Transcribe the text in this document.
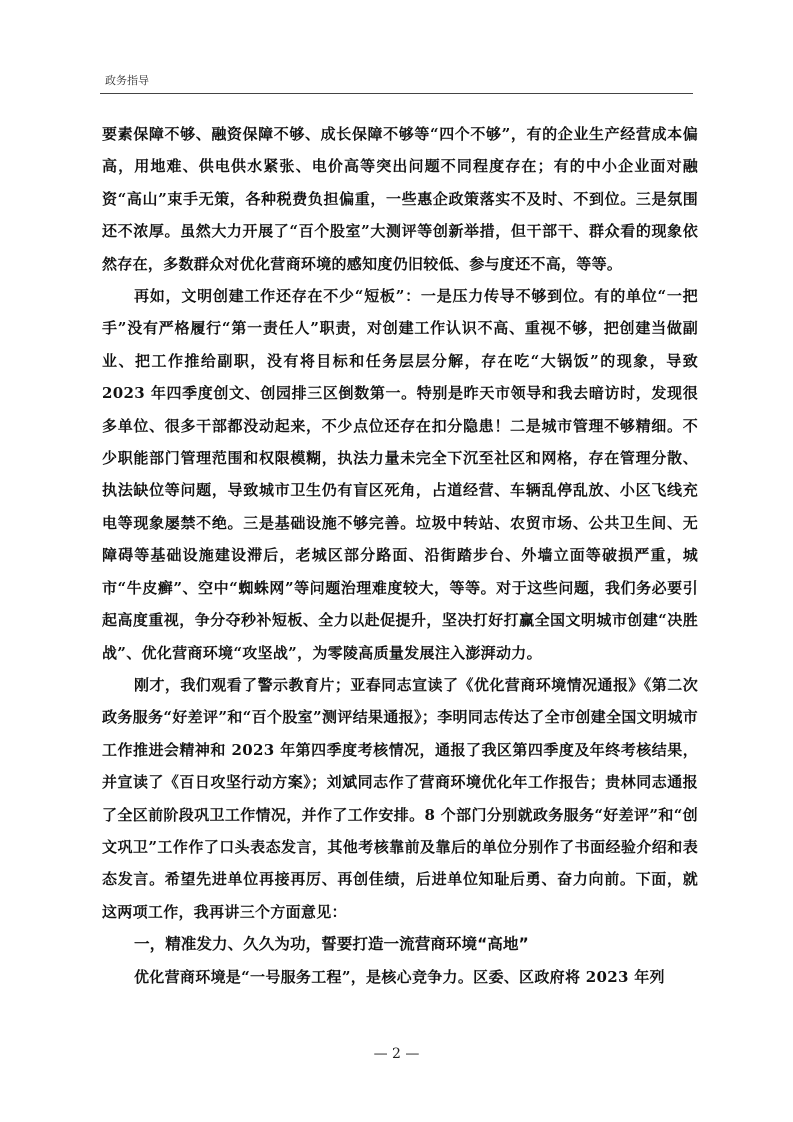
政务指导

要素保障不够、融资保障不够、成长保障不够等“四个不够”，有的企业生产经营成本偏高，用地难、供电供水紧张、电价高等突出问题不同程度存在；有的中小企业面对融资“高山”束手无策，各种税费负担偏重，一些惠企政策落实不及时、不到位。三是氛围还不浓厚。虽然大力开展了“百个股室”大测评等创新举措，但干部干、群众看的现象依然存在，多数群众对优化营商环境的感知度仍旧较低、参与度还不高，等等。

再如，文明创建工作还存在不少“短板”：一是压力传导不够到位。有的单位“一把手”没有严格履行“第一责任人”职责，对创建工作认识不高、重视不够，把创建当做副业、把工作推给副职，没有将目标和任务层层分解，存在吃“大锅饭”的现象，导致 2023 年四季度创文、创园排三区倒数第一。特别是昨天市领导和我去暗访时，发现很多单位、很多干部都没动起来，不少点位还存在扣分隐患！二是城市管理不够精细。不少职能部门管理范围和权限模糊，执法力量未完全下沉至社区和网格，存在管理分散、执法缺位等问题，导致城市卫生仍有盲区死角，占道经营、车辆乱停乱放、小区飞线充电等现象屡禁不绝。三是基础设施不够完善。垃圾中转站、农贸市场、公共卫生间、无障碍等基础设施建设滞后，老城区部分路面、沿街踏步台、外墙立面等破损严重，城市“牛皮癣”、空中“蜘蛛网”等问题治理难度较大，等等。对于这些问题，我们务必要引起高度重视，争分夺秒补短板、全力以赴促提升，坚决打好打赢全国文明城市创建“决胜战”、优化营商环境“攻坚战”，为零陵高质量发展注入澎湃动力。

刚才，我们观看了警示教育片；亚春同志宣读了《优化营商环境情况通报》《第二次政务服务“好差评”和“百个股室”测评结果通报》；李明同志传达了全市创建全国文明城市工作推进会精神和 2023 年第四季度考核情况，通报了我区第四季度及年终考核结果，并宣读了《百日攻坚行动方案》；刘斌同志作了营商环境优化年工作报告；贵林同志通报了全区前阶段巩卫工作情况，并作了工作安排。8 个部门分别就政务服务“好差评”和“创文巩卫”工作作了口头表态发言，其他考核靠前及靠后的单位分别作了书面经验介绍和表态发言。希望先进单位再接再厉、再创佳绩，后进单位知耻后勇、奋力向前。下面，就这两项工作，我再讲三个方面意见：

一，精准发力、久久为功，誓要打造一流营商环境“高地”

优化营商环境是“一号服务工程”，是核心竞争力。区委、区政府将 2023 年列

— 2 —
